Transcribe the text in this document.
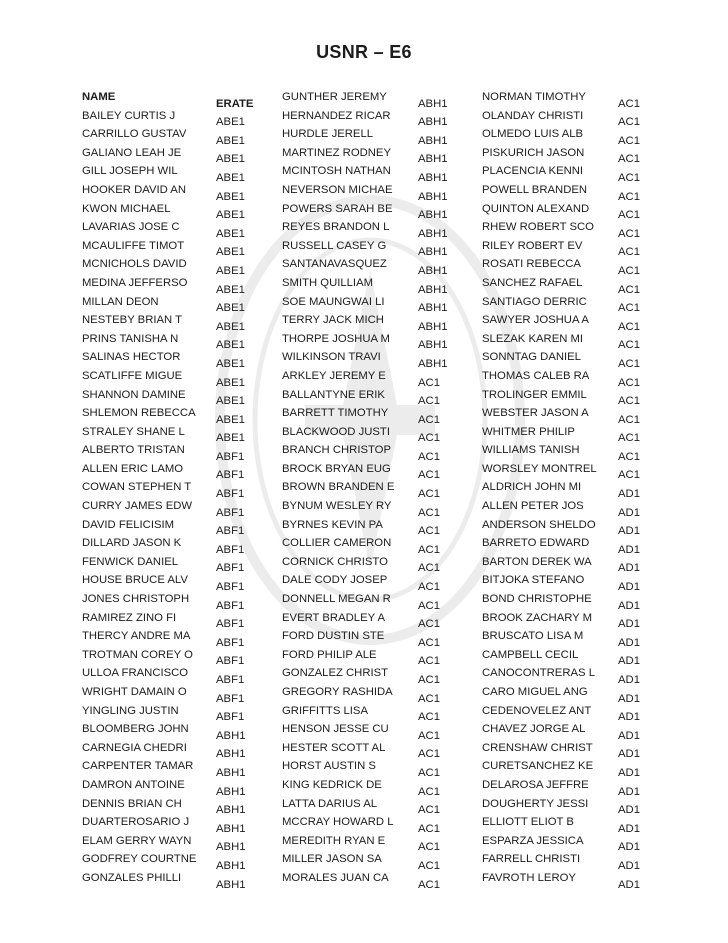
USNR – E6
NAMEERATE
BAILEY CURTIS JABE1
CARRILLO GUSTAVABE1
GALIANO LEAH JEABE1
GILL JOSEPH WILABE1
HOOKER DAVID ANABE1
KWON MICHAELABE1
LAVARIAS JOSE CABE1
MCAULIFFE TIMOTABE1
MCNICHOLS DAVIDABE1
MEDINA JEFFERSOABE1
MILLAN DEONABE1
NESTEBY BRIAN TABE1
PRINS TANISHA NABE1
SALINAS HECTORABE1
SCATLIFFE MIGUEABE1
SHANNON DAMINEABE1
SHLEMON REBECCAABE1
STRALEY SHANE LABE1
ALBERTO TRISTANABF1
ALLEN ERIC LAMOABF1
COWAN STEPHEN TABF1
CURRY JAMES EDWABF1
DAVID FELICISIMABF1
DILLARD JASON KABF1
FENWICK DANIELABF1
HOUSE BRUCE ALVABF1
JONES CHRISTOPHABF1
RAMIREZ ZINO FIABF1
THERCY ANDRE MAABF1
TROTMAN COREY OABF1
ULLOA FRANCISCOABF1
WRIGHT DAMAIN OABF1
YINGLING JUSTINABF1
BLOOMBERG JOHNABH1
CARNEGIA CHEDRIABH1
CARPENTER TAMARABH1
DAMRON ANTOINEABH1
DENNIS BRIAN CHABH1
DUARTEROSARIO JABH1
ELAM GERRY WAYNABH1
GODFREY COURTNEABH1
GONZALES PHILLIABH1
GUNTHER JEREMYABH1
HERNANDEZ RICARABH1
HURDLE JERELLABH1
MARTINEZ RODNEYABH1
MCINTOSH NATHANABH1
NEVERSON MICHAEABH1
POWERS SARAH BEABH1
REYES BRANDON LABH1
RUSSELL CASEY GABH1
SANTANAVASQUEZABH1
SMITH QUILLIAMABH1
SOE MAUNGWAI LIABH1
TERRY JACK MICHABH1
THORPE JOSHUA MABH1
WILKINSON TRAVIABH1
ARKLEY JEREMY EAC1
BALLANTYNE ERIKAC1
BARRETT TIMOTHYAC1
BLACKWOOD JUSTIAC1
BRANCH CHRISTOPAC1
BROCK BRYAN EUGAC1
BROWN BRANDEN EAC1
BYNUM WESLEY RYAC1
BYRNES KEVIN PAAC1
COLLIER CAMERONAC1
CORNICK CHRISTOAC1
DALE CODY JOSEPAC1
DONNELL MEGAN RAC1
EVERT BRADLEY AAC1
FORD DUSTIN STEAC1
FORD PHILIP ALEAC1
GONZALEZ CHRISTAC1
GREGORY RASHIDAAC1
GRIFFITTS LISAAC1
HENSON JESSE CUAC1
HESTER SCOTT ALAC1
HORST AUSTIN SAC1
KING KEDRICK DEAC1
LATTA DARIUS ALAC1
MCCRAY HOWARD LAC1
MEREDITH RYAN EAC1
MILLER JASON SAAC1
MORALES JUAN CAAC1
NORMAN TIMOTHYAC1
OLANDAY CHRISTIAC1
OLMEDO LUIS ALBAC1
PISKURICH JASONAC1
PLACENCIA KENNIAC1
POWELL BRANDENAC1
QUINTON ALEXANDAC1
RHEW ROBERT SCOAC1
RILEY ROBERT EVAC1
ROSATI REBECCAAC1
SANCHEZ RAFAELAC1
SANTIAGO DERRICAC1
SAWYER JOSHUA AAC1
SLEZAK KAREN MIAC1
SONNTAG DANIELAC1
THOMAS CALEB RAAC1
TROLINGER EMMILAC1
WEBSTER JASON AAC1
WHITMER PHILIPAC1
WILLIAMS TANISHAC1
WORSLEY MONTRELAC1
ALDRICH JOHN MIAD1
ALLEN PETER JOSAD1
ANDERSON SHELDOAD1
BARRETO EDWARDAD1
BARTON DEREK WAAD1
BITJOKA STEFANOAD1
BOND CHRISTOPHEAD1
BROOK ZACHARY MAD1
BRUSCATO LISA MAD1
CAMPBELL CECILAD1
CANOCONTRERAS LAD1
CARO MIGUEL ANGAD1
CEDENOVELEZ ANTAD1
CHAVEZ JORGE ALAD1
CRENSHAW CHRISTAD1
CURETSANCHEZ KEAD1
DELAROSA JEFFREAD1
DOUGHERTY JESSIAD1
ELLIOTT ELIOT BAD1
ESPARZA JESSICAAD1
FARRELL CHRISTIAD1
FAVROTH LEROYAD1
